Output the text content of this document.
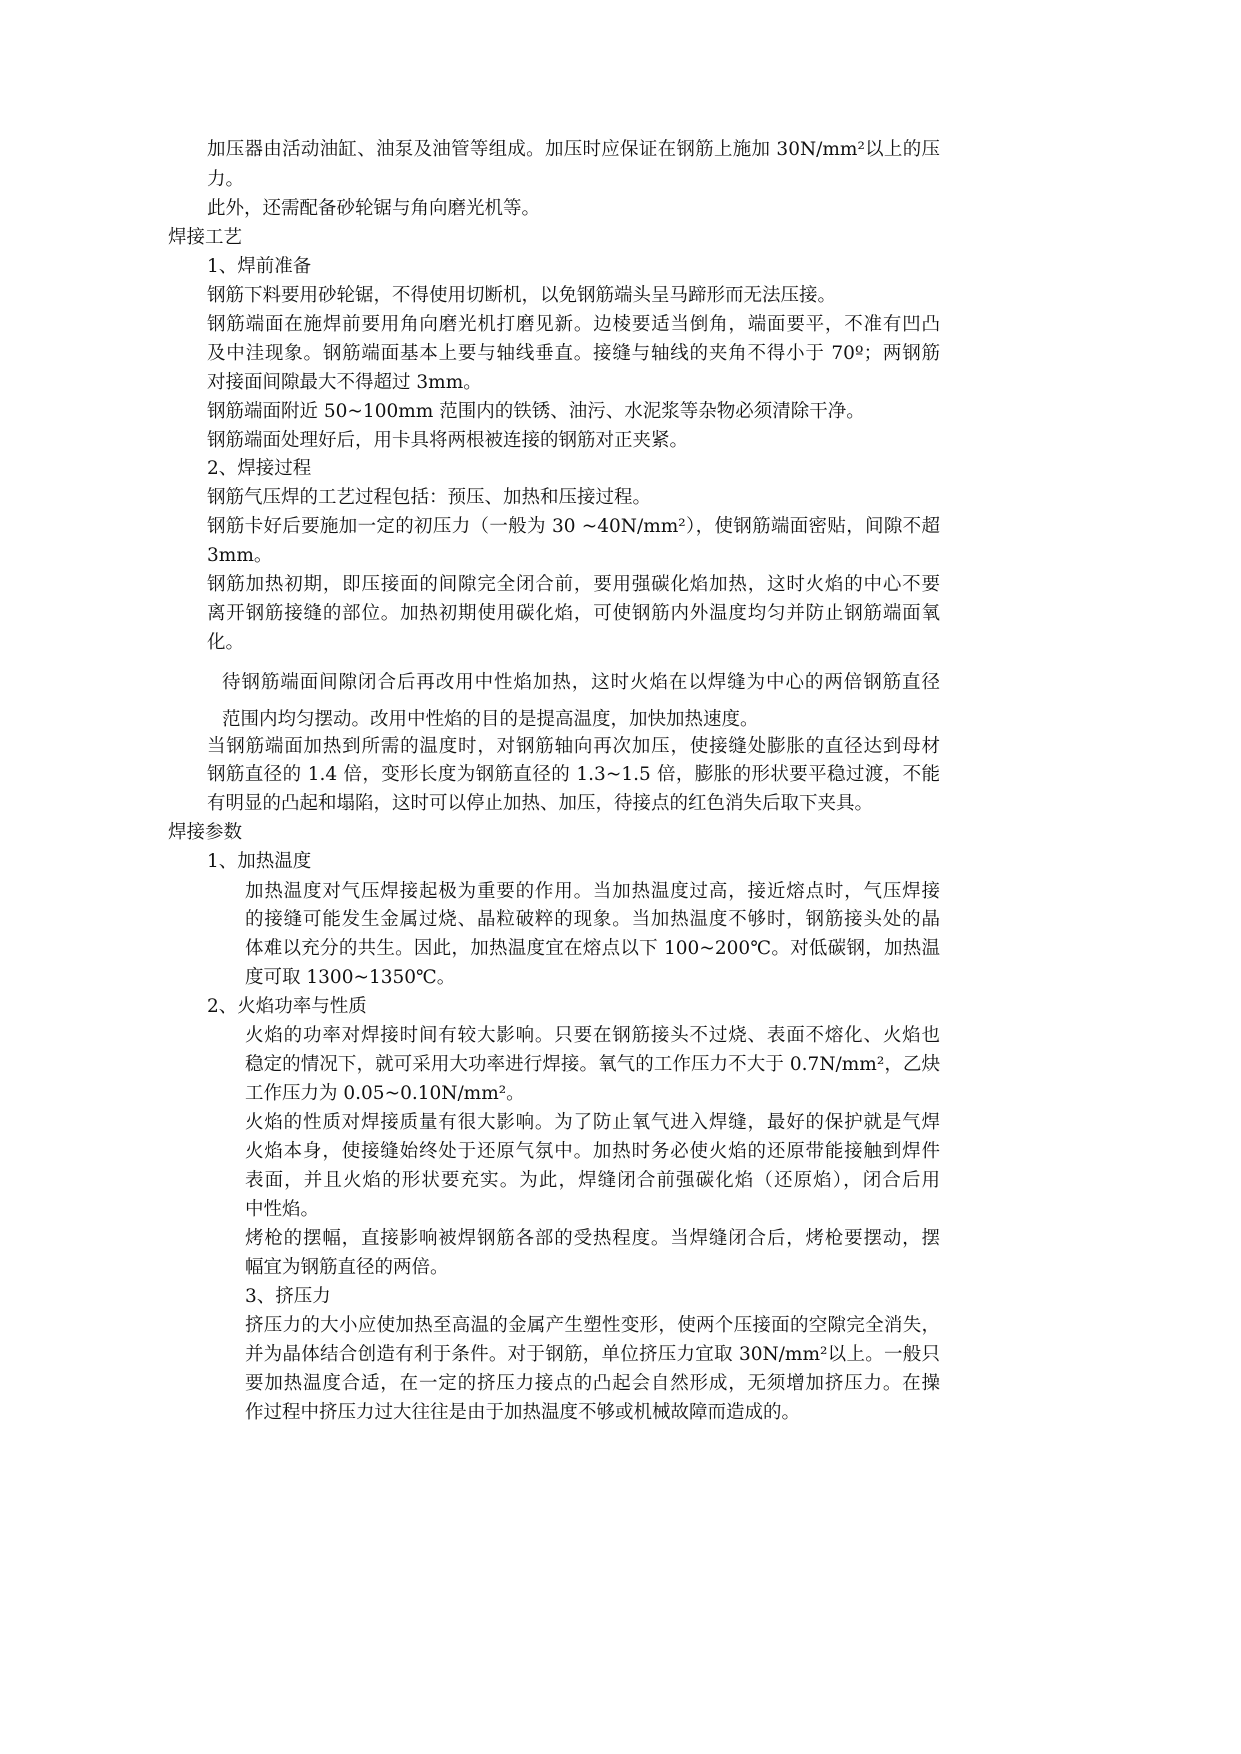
加压器由活动油缸、油泵及油管等组成。加压时应保证在钢筋上施加 30N/mm²以上的压
力。
此外，还需配备砂轮锯与角向磨光机等。
焊接工艺
1、焊前准备
钢筋下料要用砂轮锯，不得使用切断机，以免钢筋端头呈马蹄形而无法压接。
钢筋端面在施焊前要用角向磨光机打磨见新。边棱要适当倒角，端面要平，不准有凹凸
及中洼现象。钢筋端面基本上要与轴线垂直。接缝与轴线的夹角不得小于 70º；两钢筋
对接面间隙最大不得超过 3mm。
钢筋端面附近 50~100mm 范围内的铁锈、油污、水泥浆等杂物必须清除干净。
钢筋端面处理好后，用卡具将两根被连接的钢筋对正夹紧。
2、焊接过程
钢筋气压焊的工艺过程包括：预压、加热和压接过程。
钢筋卡好后要施加一定的初压力（一般为 30 ~40N/mm²），使钢筋端面密贴，间隙不超
3mm。
钢筋加热初期，即压接面的间隙完全闭合前，要用强碳化焰加热，这时火焰的中心不要
离开钢筋接缝的部位。加热初期使用碳化焰，可使钢筋内外温度均匀并防止钢筋端面氧
化。
待钢筋端面间隙闭合后再改用中性焰加热，这时火焰在以焊缝为中心的两倍钢筋直径
范围内均匀摆动。改用中性焰的目的是提高温度，加快加热速度。
当钢筋端面加热到所需的温度时，对钢筋轴向再次加压，使接缝处膨胀的直径达到母材
钢筋直径的 1.4 倍，变形长度为钢筋直径的 1.3~1.5 倍，膨胀的形状要平稳过渡，不能
有明显的凸起和塌陷，这时可以停止加热、加压，待接点的红色消失后取下夹具。
焊接参数
1、加热温度
加热温度对气压焊接起极为重要的作用。当加热温度过高，接近熔点时，气压焊接
的接缝可能发生金属过烧、晶粒破粹的现象。当加热温度不够时，钢筋接头处的晶
体难以充分的共生。因此，加热温度宜在熔点以下 100~200℃。对低碳钢，加热温
度可取 1300~1350℃。
2、火焰功率与性质
火焰的功率对焊接时间有较大影响。只要在钢筋接头不过烧、表面不熔化、火焰也
稳定的情况下，就可采用大功率进行焊接。氧气的工作压力不大于 0.7N/mm²，乙炔
工作压力为 0.05~0.10N/mm²。
火焰的性质对焊接质量有很大影响。为了防止氧气进入焊缝，最好的保护就是气焊
火焰本身，使接缝始终处于还原气氛中。加热时务必使火焰的还原带能接触到焊件
表面，并且火焰的形状要充实。为此，焊缝闭合前强碳化焰（还原焰），闭合后用
中性焰。
烤枪的摆幅，直接影响被焊钢筋各部的受热程度。当焊缝闭合后，烤枪要摆动，摆
幅宜为钢筋直径的两倍。
3、挤压力
挤压力的大小应使加热至高温的金属产生塑性变形，使两个压接面的空隙完全消失，
并为晶体结合创造有利于条件。对于钢筋，单位挤压力宜取 30N/mm²以上。一般只
要加热温度合适，在一定的挤压力接点的凸起会自然形成，无须增加挤压力。在操
作过程中挤压力过大往往是由于加热温度不够或机械故障而造成的。
